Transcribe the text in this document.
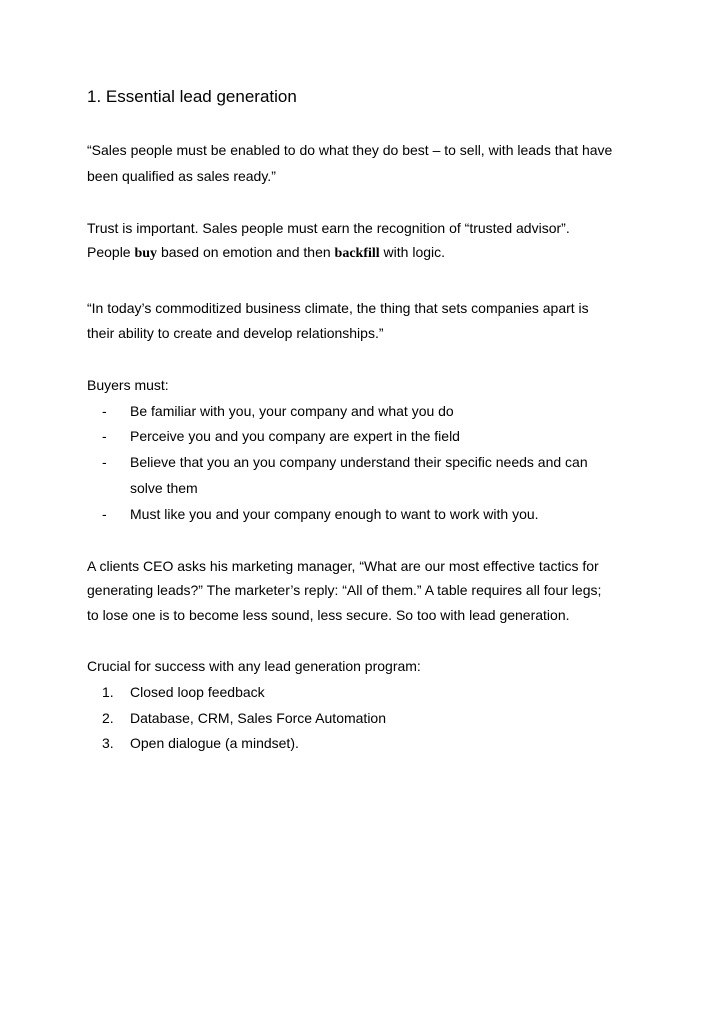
1. Essential lead generation
“Sales people must be enabled to do what they do best – to sell, with leads that have
been qualified as sales ready.”
Trust is important. Sales people must earn the recognition of “trusted advisor”.
People buy based on emotion and then backfill with logic.
“In today’s commoditized business climate, the thing that sets companies apart is
their ability to create and develop relationships.”
Buyers must:
- Be familiar with you, your company and what you do
- Perceive you and you company are expert in the field
- Believe that you an you company understand their specific needs and can
solve them
- Must like you and your company enough to want to work with you.
A clients CEO asks his marketing manager, “What are our most effective tactics for
generating leads?” The marketer’s reply: “All of them.” A table requires all four legs;
to lose one is to become less sound, less secure. So too with lead generation.
Crucial for success with any lead generation program:
1. Closed loop feedback
2. Database, CRM, Sales Force Automation
3. Open dialogue (a mindset).
